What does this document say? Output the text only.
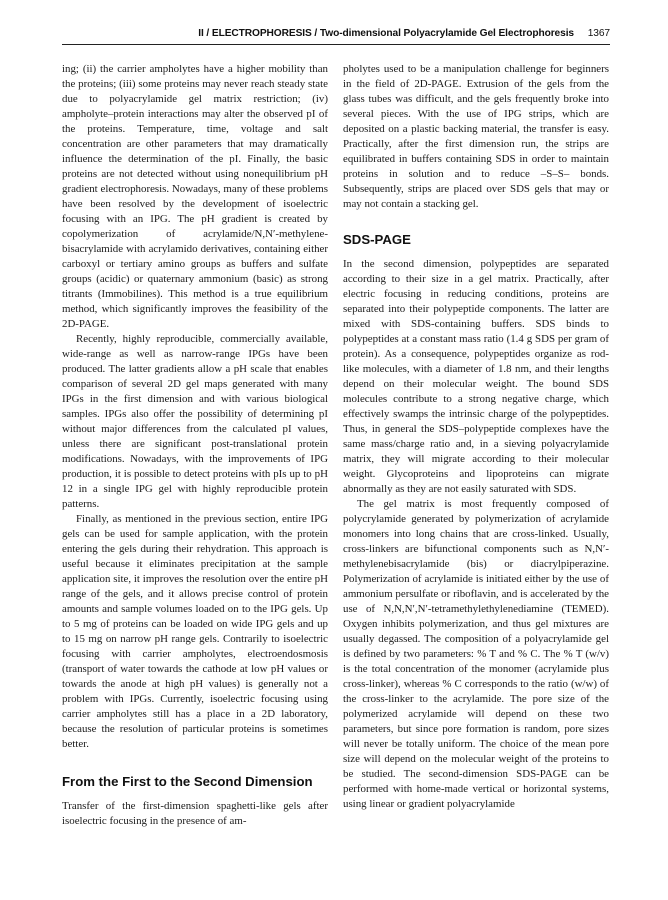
II / ELECTROPHORESIS / Two-dimensional Polyacrylamide Gel Electrophoresis 1367

ing; (ii) the carrier ampholytes have a higher mobility than the proteins; (iii) some proteins may never reach steady state due to polyacrylamide gel matrix restriction; (iv) ampholyte–protein interactions may alter the observed pI of the proteins. Temperature, time, voltage and salt concentration are other parameters that may dramatically influence the determination of the pI. Finally, the basic proteins are not detected without using nonequilibrium pH gradient electrophoresis. Nowadays, many of these problems have been resolved by the development of isoelectric focusing with an IPG. The pH gradient is created by copolymerization of acrylamide/N,N′-methylene-bisacrylamide with acrylamido derivatives, containing either carboxyl or tertiary amino groups as buffers and sulfate groups (acidic) or quaternary ammonium (basic) as strong titrants (Immobilines). This method is a true equilibrium method, which significantly improves the feasibility of the 2D-PAGE.

Recently, highly reproducible, commercially available, wide-range as well as narrow-range IPGs have been produced. The latter gradients allow a pH scale that enables comparison of several 2D gel maps generated with many IPGs in the first dimension and with various biological samples. IPGs also offer the possibility of determining pI without major differences from the calculated pI values, unless there are significant post-translational protein modifications. Nowadays, with the improvements of IPG production, it is possible to detect proteins with pIs up to pH 12 in a single IPG gel with highly reproducible protein patterns.

Finally, as mentioned in the previous section, entire IPG gels can be used for sample application, with the protein entering the gels during their rehydration. This approach is useful because it eliminates precipitation at the sample application site, it improves the resolution over the entire pH range of the gels, and it allows precise control of protein amounts and sample volumes loaded on to the IPG gels. Up to 5 mg of proteins can be loaded on wide IPG gels and up to 15 mg on narrow pH range gels. Contrarily to isoelectric focusing with carrier ampholytes, electroendosmosis (transport of water towards the cathode at low pH values or towards the anode at high pH values) is generally not a problem with IPGs. Currently, isoelectric focusing using carrier ampholytes still has a place in a 2D laboratory, because the resolution of particular proteins is sometimes better.

From the First to the Second Dimension

Transfer of the first-dimension spaghetti-like gels after isoelectric focusing in the presence of am-

pholytes used to be a manipulation challenge for beginners in the field of 2D-PAGE. Extrusion of the gels from the glass tubes was difficult, and the gels frequently broke into several pieces. With the use of IPG strips, which are deposited on a plastic backing material, the transfer is easy. Practically, after the first dimension run, the strips are equilibrated in buffers containing SDS in order to maintain proteins in solution and to reduce –S–S– bonds. Subsequently, strips are placed over SDS gels that may or may not contain a stacking gel.

SDS-PAGE

In the second dimension, polypeptides are separated according to their size in a gel matrix. Practically, after electric focusing in reducing conditions, proteins are separated into their polypeptide components. The latter are mixed with SDS-containing buffers. SDS binds to polypeptides at a constant mass ratio (1.4 g SDS per gram of protein). As a consequence, polypeptides organize as rod-like molecules, with a diameter of 1.8 nm, and their lengths depend on their molecular weight. The bound SDS molecules contribute to a strong negative charge, which effectively swamps the intrinsic charge of the polypeptides. Thus, in general the SDS–polypeptide complexes have the same mass/charge ratio and, in a sieving polyacrylamide matrix, they will migrate according to their molecular weight. Glycoproteins and lipoproteins can migrate abnormally as they are not easily saturated with SDS.

The gel matrix is most frequently composed of polycrylamide generated by polymerization of acrylamide monomers into long chains that are cross-linked. Usually, cross-linkers are bifunctional components such as N,N′-methylenebisacrylamide (bis) or diacrylpiperazine. Polymerization of acrylamide is initiated either by the use of ammonium persulfate or riboflavin, and is accelerated by the use of N,N,N′,N′-tetramethylethylenediamine (TEMED). Oxygen inhibits polymerization, and thus gel mixtures are usually degassed. The composition of a polyacrylamide gel is defined by two parameters: % T and % C. The % T (w/v) is the total concentration of the monomer (acrylamide plus cross-linker), whereas % C corresponds to the ratio (w/w) of the cross-linker to the acrylamide. The pore size of the polymerized acrylamide will depend on these two parameters, but since pore formation is random, pore sizes will never be totally uniform. The choice of the mean pore size will depend on the molecular weight of the proteins to be studied. The second-dimension SDS-PAGE can be performed with home-made vertical or horizontal systems, using linear or gradient polyacrylamide
